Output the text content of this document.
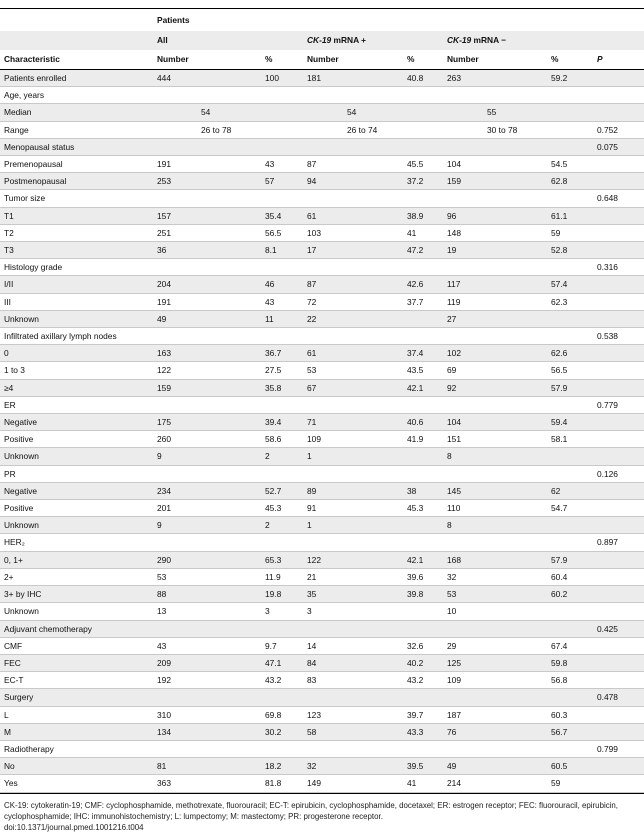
	Patients						
	All		CK-19 mRNA +		CK-19 mRNA −		
Characteristic	Number	%	Number	%	Number	%	P
Patients enrolled	444	100	181	40.8	263	59.2	
Age, years							
Median	54		54		55		
Range	26 to 78		26 to 74		30 to 78		0.752
Menopausal status							0.075
Premenopausal	191	43	87	45.5	104	54.5	
Postmenopausal	253	57	94	37.2	159	62.8	
Tumor size							0.648
T1	157	35.4	61	38.9	96	61.1	
T2	251	56.5	103	41	148	59	
T3	36	8.1	17	47.2	19	52.8	
Histology grade							0.316
I/II	204	46	87	42.6	117	57.4	
III	191	43	72	37.7	119	62.3	
Unknown	49	11	22		27		
Infiltrated axillary lymph nodes							0.538
0	163	36.7	61	37.4	102	62.6	
1 to 3	122	27.5	53	43.5	69	56.5	
≥4	159	35.8	67	42.1	92	57.9	
ER							0.779
Negative	175	39.4	71	40.6	104	59.4	
Positive	260	58.6	109	41.9	151	58.1	
Unknown	9	2	1		8		
PR							0.126
Negative	234	52.7	89	38	145	62	
Positive	201	45.3	91	45.3	110	54.7	
Unknown	9	2	1		8		
HER₂							0.897
0, 1+	290	65.3	122	42.1	168	57.9	
2+	53	11.9	21	39.6	32	60.4	
3+ by IHC	88	19.8	35	39.8	53	60.2	
Unknown	13	3	3		10		
Adjuvant chemotherapy							0.425
CMF	43	9.7	14	32.6	29	67.4	
FEC	209	47.1	84	40.2	125	59.8	
EC-T	192	43.2	83	43.2	109	56.8	
Surgery							0.478
L	310	69.8	123	39.7	187	60.3	
M	134	30.2	58	43.3	76	56.7	
Radiotherapy							0.799
No	81	18.2	32	39.5	49	60.5	
Yes	363	81.8	149	41	214	59	
CK-19: cytokeratin-19; CMF: cyclophosphamide, methotrexate, fluorouracil; EC-T: epirubicin, cyclophosphamide, docetaxel; ER: estrogen receptor; FEC: fluorouracil, epirubicin, cyclophosphamide; IHC: immunohistochemistry; L: lumpectomy; M: mastectomy; PR: progesterone receptor.
doi:10.1371/journal.pmed.1001216.t004
